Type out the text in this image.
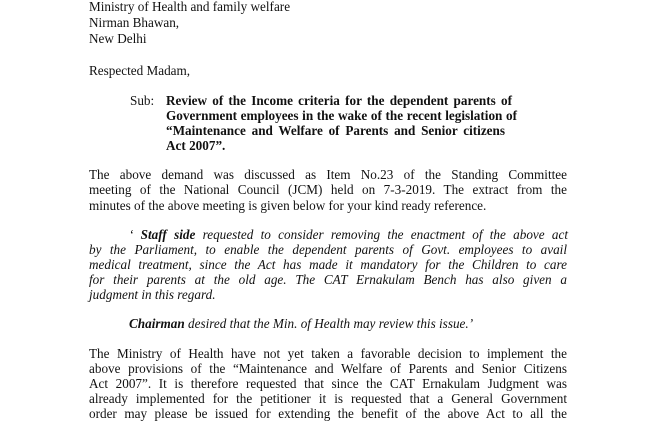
Ministry of Health and family welfare

Nirman Bhawan,

New Delhi

Respected Madam,

Sub: Review of the Income criteria for the dependent parents of

Government employees in the wake of the recent legislation of

“Maintenance and Welfare of Parents and Senior citizens

Act 2007”.

The above demand was discussed as Item No.23 of the Standing Committee

meeting of the National Council (JCM) held on 7-3-2019. The extract from the

minutes of the above meeting is given below for your kind ready reference.

‘ Staff side requested to consider removing the enactment of the above act

by the Parliament, to enable the dependent parents of Govt. employees to avail

medical treatment, since the Act has made it mandatory for the Children to care

for their parents at the old age. The CAT Ernakulam Bench has also given a

judgment in this regard.

Chairman desired that the Min. of Health may review this issue.’

The Ministry of Health have not yet taken a favorable decision to implement the

above provisions of the “Maintenance and Welfare of Parents and Senior Citizens

Act 2007”. It is therefore requested that since the CAT Ernakulam Judgment was

already implemented for the petitioner it is requested that a General Government

order may please be issued for extending the benefit of the above Act to all the
